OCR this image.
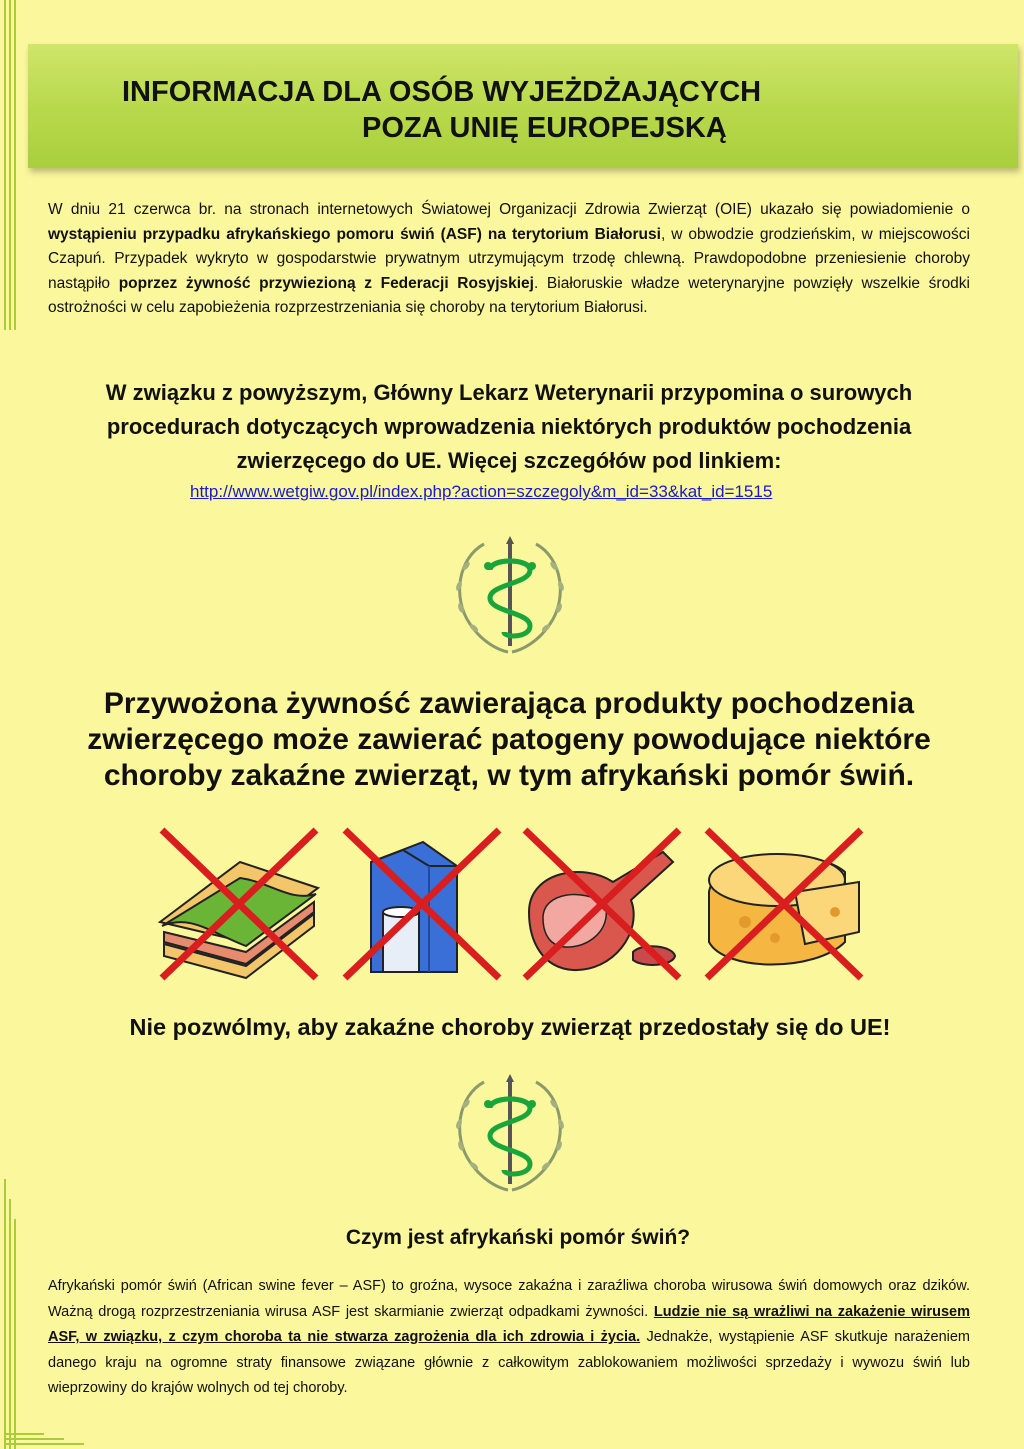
INFORMACJA DLA OSÓB WYJEŻDŻAJĄCYCH
POZA UNIĘ EUROPEJSKĄ

W dniu 21 czerwca br. na stronach internetowych Światowej Organizacji Zdrowia Zwierząt (OIE) ukazało się powiadomienie o wystąpieniu przypadku afrykańskiego pomoru świń (ASF) na terytorium Białorusi, w obwodzie grodzieńskim, w miejscowości Czapuń. Przypadek wykryto w gospodarstwie prywatnym utrzymującym trzodę chlewną. Prawdopodobne przeniesienie choroby nastąpiło poprzez żywność przywiezioną z Federacji Rosyjskiej. Białoruskie władze weterynaryjne powzięły wszelkie środki ostrożności w celu zapobieżenia rozprzestrzeniania się choroby na terytorium Białorusi.

W związku z powyższym, Główny Lekarz Weterynarii przypomina o surowych procedurach dotyczących wprowadzenia niektórych produktów pochodzenia zwierzęcego do UE. Więcej szczegółów pod linkiem:

http://www.wetgiw.gov.pl/index.php?action=szczegoly&m_id=33&kat_id=1515

Przywożona żywność zawierająca produkty pochodzenia zwierzęcego może zawierać patogeny powodujące niektóre choroby zakaźne zwierząt, w tym afrykański pomór świń.

Nie pozwólmy, aby zakaźne choroby zwierząt przedostały się do UE!

Czym jest afrykański pomór świń?

Afrykański pomór świń (African swine fever – ASF) to groźna, wysoce zakaźna i zaraźliwa choroba wirusowa świń domowych oraz dzików. Ważną drogą rozprzestrzeniania wirusa ASF jest skarmianie zwierząt odpadkami żywności. Ludzie nie są wrażliwi na zakażenie wirusem ASF, w związku, z czym choroba ta nie stwarza zagrożenia dla ich zdrowia i życia. Jednakże, wystąpienie ASF skutkuje narażeniem danego kraju na ogromne straty finansowe związane głównie z całkowitym zablokowaniem możliwości sprzedaży i wywozu świń lub wieprzowiny do krajów wolnych od tej choroby.
